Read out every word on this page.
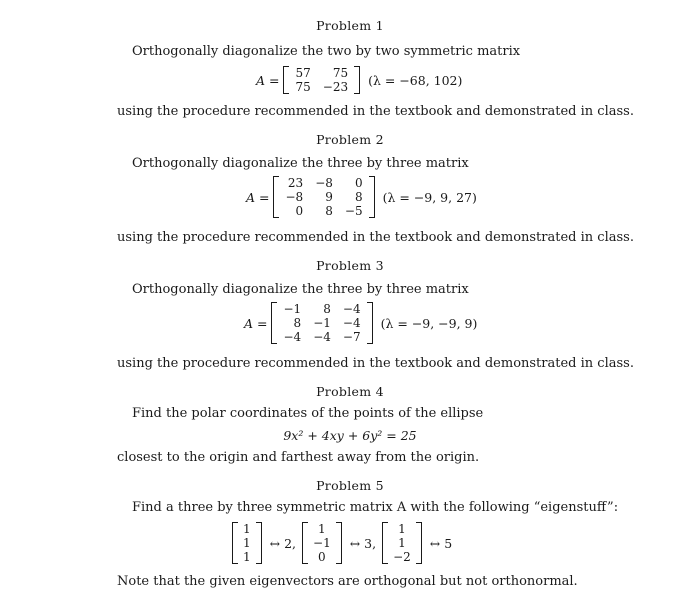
Problem 1
Orthogonally diagonalize the two by two symmetric matrix
A = 57	75
75	−23 (λ = −68, 102)
using the procedure recommended in the textbook and demonstrated in class.
Problem 2
Orthogonally diagonalize the three by three matrix
A =
23	−8	0
−8	9	8
0	8	−5
(λ = −9, 9, 27)
using the procedure recommended in the textbook and demonstrated in class.
Problem 3
Orthogonally diagonalize the three by three matrix
A =
−1	8	−4
8	−1	−4
−4	−4	−7
(λ = −9, −9, 9)
using the procedure recommended in the textbook and demonstrated in class.
Problem 4
Find the polar coordinates of the points of the ellipse
9x² + 4xy + 6y² = 25
closest to the origin and farthest away from the origin.
Problem 5
Find a three by three symmetric matrix A with the following “eigenstuff”:
1
1
1
↔ 2,
1
−1
0
↔ 3,
1
1
−2
↔ 5
Note that the given eigenvectors are orthogonal but not orthonormal.
